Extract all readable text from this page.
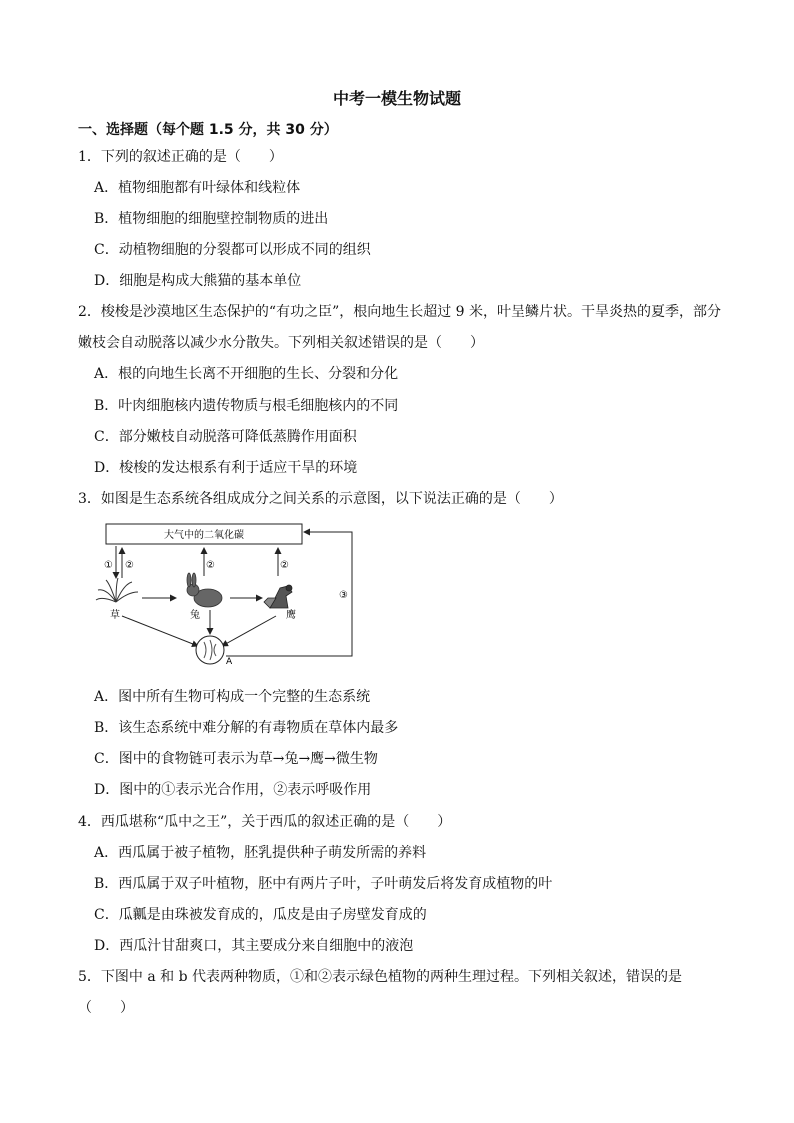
中考一模生物试题
一、选择题（每个题 1.5 分，共 30 分）
1．下列的叙述正确的是（　　）
A．植物细胞都有叶绿体和线粒体
B．植物细胞的细胞壁控制物质的进出
C．动植物细胞的分裂都可以形成不同的组织
D．细胞是构成大熊猫的基本单位
2．梭梭是沙漠地区生态保护的“有功之臣”，根向地生长超过 9 米，叶呈鳞片状。干旱炎热的夏季，部分
嫩枝会自动脱落以减少水分散失。下列相关叙述错误的是（　　）
A．根的向地生长离不开细胞的生长、分裂和分化
B．叶肉细胞核内遗传物质与根毛细胞核内的不同
C．部分嫩枝自动脱落可降低蒸腾作用面积
D．梭梭的发达根系有利于适应干旱的环境
3．如图是生态系统各组成成分之间关系的示意图，以下说法正确的是（　　）
大气中的二氧化碳
① ②	②	②
③
草	兔	鹰
A
A．图中所有生物可构成一个完整的生态系统
B．该生态系统中难分解的有毒物质在草体内最多
C．图中的食物链可表示为草→兔→鹰→微生物
D．图中的①表示光合作用，②表示呼吸作用
4．西瓜堪称“瓜中之王”，关于西瓜的叙述正确的是（　　）
A．西瓜属于被子植物，胚乳提供种子萌发所需的养料
B．西瓜属于双子叶植物，胚中有两片子叶，子叶萌发后将发育成植物的叶
C．瓜瓤是由珠被发育成的，瓜皮是由子房壁发育成的
D．西瓜汁甘甜爽口，其主要成分来自细胞中的液泡
5．下图中 a 和 b 代表两种物质，①和②表示绿色植物的两种生理过程。下列相关叙述，错误的是
（　　）
